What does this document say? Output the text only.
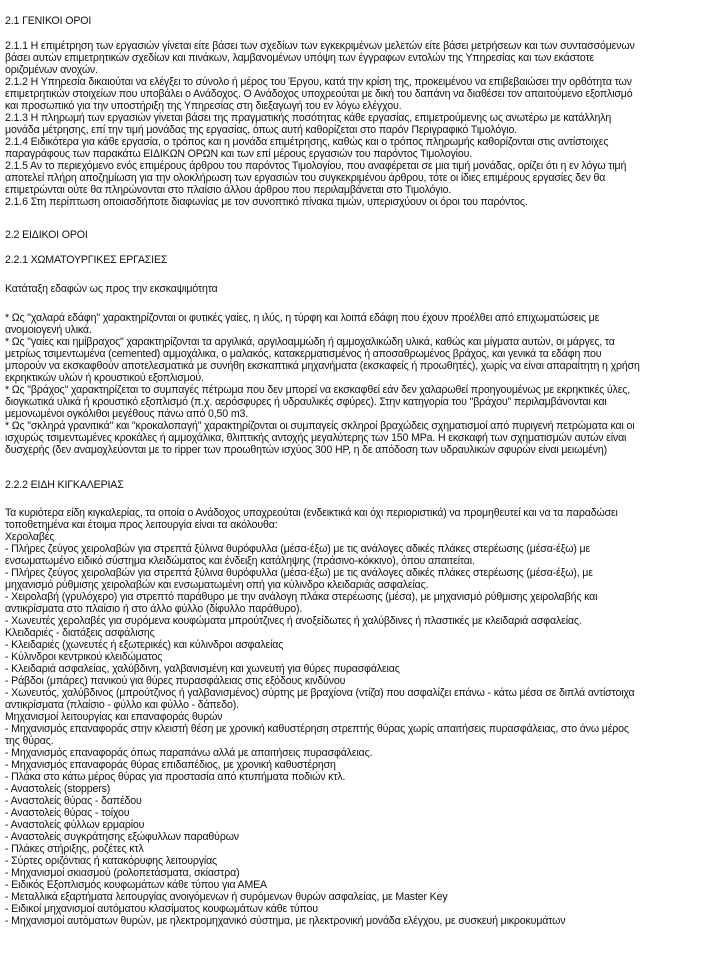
2.1 ΓΕΝΙΚΟΙ ΟΡΟΙ
2.1.1 Η επιμέτρηση των εργασιών γίνεται είτε βάσει των σχεδίων των εγκεκριμένων μελετών είτε βάσει μετρήσεων και των συντασσόμενων
βάσει αυτών επιμετρητικών σχεδίων και πινάκων, λαμβανομένων υπόψη των έγγραφων εντολών της Υπηρεσίας και των εκάστοτε
οριζομένων ανοχών.
2.1.2 Η Υπηρεσία δικαιούται να ελέγξει το σύνολο ή μέρος του Έργου, κατά την κρίση της, προκειμένου να επιβεβαιώσει την ορθότητα των
επιμετρητικών στοιχείων που υποβάλει ο Ανάδοχος. Ο Ανάδοχος υποχρεούται με δική του δαπάνη να διαθέσει τον απαιτούμενο εξοπλισμό
και προσωπικό για την υποστήριξη της Υπηρεσίας στη διεξαγωγή του εν λόγω ελέγχου.
2.1.3 Η πληρωμή των εργασιών γίνεται βάσει της πραγματικής ποσότητας κάθε εργασίας, επιμετρούμενης ως ανωτέρω με κατάλληλη
μονάδα μέτρησης, επί την τιμή μονάδας της εργασίας, όπως αυτή καθορίζεται στο παρόν Περιγραφικό Τιμολόγιο.
2.1.4 Ειδικότερα για κάθε εργασία, ο τρόπος και η μονάδα επιμέτρησης, καθώς και ο τρόπος πληρωμής καθορίζονται στις αντίστοιχες
παραγράφους των παρακάτω ΕΙΔΙΚΩΝ ΟΡΩΝ και των επί μέρους εργασιών του παρόντος Τιμολογίου.
2.1.5 Αν το περιεχόμενο ενός επιμέρους άρθρου του παρόντος Τιμολογίου, που αναφέρεται σε μια τιμή μονάδας, ορίζει ότι η εν λόγω τιμή
αποτελεί πλήρη αποζημίωση για την ολοκλήρωση των εργασιών του συγκεκριμένου άρθρου, τότε οι ίδιες επιμέρους εργασίες δεν θα
επιμετρώνται ούτε θα πληρώνονται στο πλαίσιο άλλου άρθρου που περιλαμβάνεται στο Τιμολόγιο.
2.1.6 Στη περίπτωση οποιασδήποτε διαφωνίας με τον συνοπτικό πίνακα τιμών, υπερισχύουν οι όροι του παρόντος.
2.2 ΕΙΔΙΚΟΙ ΟΡΟΙ
2.2.1 ΧΩΜΑΤΟΥΡΓΙΚΕΣ ΕΡΓΑΣΙΕΣ
Κατάταξη εδαφών ως προς την εκσκαψιμότητα
* Ως "χαλαρά εδάφη" χαρακτηρίζονται οι φυτικές γαίες, η ιλύς, η τύρφη και λοιπά εδάφη που έχουν προέλθει από επιχωματώσεις με
ανομοιογενή υλικά.
* Ως "γαίες και ημίβραχος" χαρακτηρίζονται τα αργιλικά, αργιλοαμμώδη ή αμμοχαλικώδη υλικά, καθώς και μίγματα αυτών, οι μάργες, τα
μετρίως τσιμεντωμένα (cemented) αμμοχάλικα, ο μαλακός, κατακερματισμένος ή αποσαθρωμένος βράχος, και γενικά τα εδάφη που
μπορούν να εκσκαφθούν αποτελεσματικά με συνήθη εκσκαπτικά μηχανήματα (εκσκαφείς ή προωθητές), χωρίς να είναι απαραίτητη η χρήση
εκρηκτικών υλών ή κρουστικού εξοπλισμού.
* Ως "βράχος" χαρακτηρίζεται το συμπαγές πέτρωμα που δεν μπορεί να εκσκαφθεί εάν δεν χαλαρωθεί προηγουμένως με εκρηκτικές ύλες,
διογκωτικά υλικά ή κρουστικό εξοπλισμό (π.χ. αερόσφυρες ή υδραυλικές σφύρες). Στην κατηγορία του "βράχου" περιλαμβάνονται και
μεμονωμένοι ογκόλιθοι μεγέθους πάνω από 0,50 m3.
* Ως "σκληρά γρανιτικά" και "κροκαλοπαγή" χαρακτηρίζονται οι συμπαγείς σκληροί βραχώδεις σχηματισμοί από πυριγενή πετρώματα και οι
ισχυρώς τσιμεντωμένες κροκάλες ή αμμοχάλικα, θλιπτικής αντοχής μεγαλύτερης των 150 MPa. Η εκσκαφή των σχηματισμών αυτών είναι
δυσχερής (δεν αναμοχλεύονται με το ripper των προωθητών ισχύος 300 HP, η δε απόδοση των υδραυλικών σφυρών είναι μειωμένη)
2.2.2 ΕΙΔΗ ΚΙΓΚΑΛΕΡΙΑΣ
Τα κυριότερα είδη κιγκαλερίας, τα οποία ο Ανάδοχος υποχρεούται (ενδεικτικά και όχι περιοριστικά) να προμηθευτεί και να τα παραδώσει
τοποθετημένα και έτοιμα προς λειτουργία είναι τα ακόλουθα:
Χερολαβές
- Πλήρες ζεύγος χειρολαβών για στρεπτά ξύλινα θυρόφυλλα (μέσα-έξω) με τις ανάλογες αδικές πλάκες στερέωσης (μέσα-έξω) με
ενσωματωμένο ειδικό σύστημα κλειδώματος και ένδειξη κατάληψης (πράσινο-κόκκινο), όπου απαιτείται.
- Πλήρες ζεύγος χειρολαβών για στρεπτά ξύλινα θυρόφυλλα (μέσα-έξω) με τις ανάλογες αδικές πλάκες στερέωσης (μέσα-έξω), με
μηχανισμό ρύθμισης χειρολαβών και ενσωματωμένη οπή για κύλινδρο κλειδαριάς ασφαλείας.
- Χειρολαβή (γρυλόχερο) για στρεπτό παράθυρο με την ανάλογη πλάκα στερέωσης (μέσα), με μηχανισμό ρύθμισης χειρολαβής και
αντικρίσματα στο πλαίσιο ή στο άλλο φύλλο (δίφυλλο παράθυρο).
- Χωνευτές χερολαβές για συρόμενα κουφώματα μπρούτζινες ή ανοξείδωτες ή χαλύβδινες ή πλαστικές με κλειδαριά ασφαλείας.
Κλειδαριές - διατάξεις ασφάλισης
- Κλειδαριές (χωνευτές ή εξωτερικές) και κύλινδροι ασφαλείας
- Κύλινδροι κεντρικού κλειδώματος
- Κλειδαριά ασφαλείας, χαλύβδινη, γαλβανισμένη και χωνευτή για θύρες πυρασφάλειας
- Ράβδοι (μπάρες) πανικού για θύρες πυρασφάλειας στις εξόδους κινδύνου
- Χωνευτός, χαλύβδινος (μπρούτζινος ή γαλβανισμένος) σύρτης με βραχίονα (ντίζα) που ασφαλίζει επάνω - κάτω μέσα σε διπλά αντίστοιχα
αντικρίσματα (πλαίσιο - φύλλο και φύλλο - δάπεδο).
Μηχανισμοί λειτουργίας και επαναφοράς θυρών
- Μηχανισμός επαναφοράς στην κλειστή θέση με χρονική καθυστέρηση στρεπτής θύρας χωρίς απαιτήσεις πυρασφάλειας, στο άνω μέρος
της θύρας.
- Μηχανισμός επαναφοράς όπως παραπάνω αλλά με απαιτήσεις πυρασφάλειας.
- Μηχανισμός επαναφοράς θύρας επιδαπέδιος, με χρονική καθυστέρηση
- Πλάκα στο κάτω μέρος θύρας για προστασία από κτυπήματα ποδιών κτλ.
- Αναστολείς (stoppers)
- Αναστολείς θύρας - δαπέδου
- Αναστολείς θύρας - τοίχου
- Αναστολείς φύλλων ερμαρίου
- Αναστολείς συγκράτησης εξώφυλλων παραθύρων
- Πλάκες στήριξης, ροζέτες κτλ
- Σύρτες οριζόντιας ή κατακόρυφης λειτουργίας
- Μηχανισμοί σκιασμού (ρολοπετάσματα, σκίαστρα)
- Ειδικός Εξοπλισμός κουφωμάτων κάθε τύπου για ΑΜΕΑ
- Μεταλλικά εξαρτήματα λειτουργίας ανοιγόμενων ή συρόμενων θυρών ασφαλείας, με Master Key
- Ειδικοί μηχανισμοί αυτόματου κλασίματος κουφωμάτων κάθε τύπου
- Μηχανισμοί αυτόματων θυρών, με ηλεκτρομηχανικό σύστημα, με ηλεκτρονική μονάδα ελέγχου, με συσκευή μικροκυμάτων
